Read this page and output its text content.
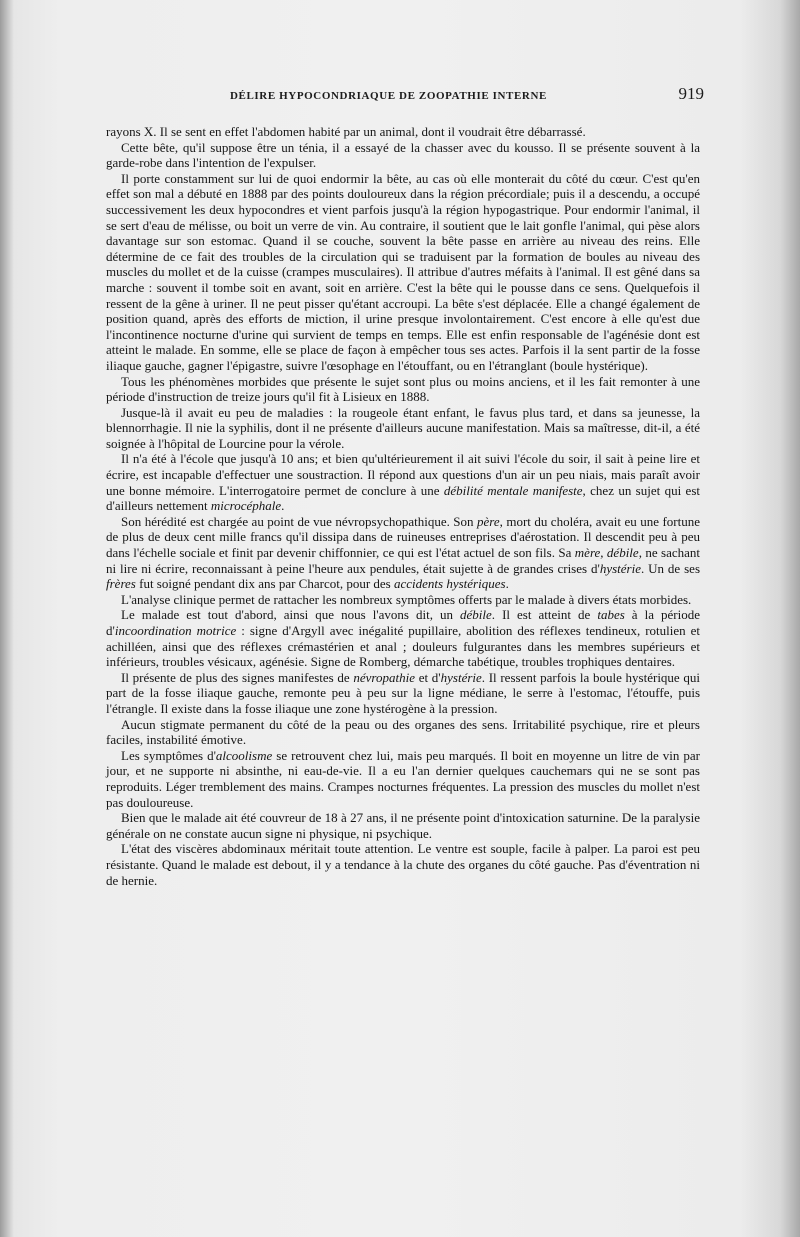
DÉLIRE HYPOCONDRIAQUE DE ZOOPATHIE INTERNE	919

rayons X. Il se sent en effet l'abdomen habité par un animal, dont il voudrait être débarrassé.

Cette bête, qu'il suppose être un ténia, il a essayé de la chasser avec du kousso. Il se présente souvent à la garde-robe dans l'intention de l'expulser.

Il porte constamment sur lui de quoi endormir la bête, au cas où elle monterait du côté du cœur. C'est qu'en effet son mal a débuté en 1888 par des points douloureux dans la région précordiale; puis il a descendu, a occupé successivement les deux hypocondres et vient parfois jusqu'à la région hypogastrique. Pour endormir l'animal, il se sert d'eau de mélisse, ou boit un verre de vin. Au contraire, il soutient que le lait gonfle l'animal, qui pèse alors davantage sur son estomac. Quand il se couche, souvent la bête passe en arrière au niveau des reins. Elle détermine de ce fait des troubles de la circulation qui se traduisent par la formation de boules au niveau des muscles du mollet et de la cuisse (crampes musculaires). Il attribue d'autres méfaits à l'animal. Il est gêné dans sa marche : souvent il tombe soit en avant, soit en arrière. C'est la bête qui le pousse dans ce sens. Quelquefois il ressent de la gêne à uriner. Il ne peut pisser qu'étant accroupi. La bête s'est déplacée. Elle a changé également de position quand, après des efforts de miction, il urine presque involontairement. C'est encore à elle qu'est due l'incontinence nocturne d'urine qui survient de temps en temps. Elle est enfin responsable de l'agénésie dont est atteint le malade. En somme, elle se place de façon à empêcher tous ses actes. Parfois il la sent partir de la fosse iliaque gauche, gagner l'épigastre, suivre l'œsophage en l'étouffant, ou en l'étranglant (boule hystérique).

Tous les phénomènes morbides que présente le sujet sont plus ou moins anciens, et il les fait remonter à une période d'instruction de treize jours qu'il fit à Lisieux en 1888.

Jusque-là il avait eu peu de maladies : la rougeole étant enfant, le favus plus tard, et dans sa jeunesse, la blennorrhagie. Il nie la syphilis, dont il ne présente d'ailleurs aucune manifestation. Mais sa maîtresse, dit-il, a été soignée à l'hôpital de Lourcine pour la vérole.

Il n'a été à l'école que jusqu'à 10 ans; et bien qu'ultérieurement il ait suivi l'école du soir, il sait à peine lire et écrire, est incapable d'effectuer une soustraction. Il répond aux questions d'un air un peu niais, mais paraît avoir une bonne mémoire. L'interrogatoire permet de conclure à une débilité mentale manifeste, chez un sujet qui est d'ailleurs nettement microcéphale.

Son hérédité est chargée au point de vue névropsychopathique. Son père, mort du choléra, avait eu une fortune de plus de deux cent mille francs qu'il dissipa dans de ruineuses entreprises d'aérostation. Il descendit peu à peu dans l'échelle sociale et finit par devenir chiffonnier, ce qui est l'état actuel de son fils. Sa mère, débile, ne sachant ni lire ni écrire, reconnaissant à peine l'heure aux pendules, était sujette à de grandes crises d'hystérie. Un de ses frères fut soigné pendant dix ans par Charcot, pour des accidents hystériques.

L'analyse clinique permet de rattacher les nombreux symptômes offerts par le malade à divers états morbides.

Le malade est tout d'abord, ainsi que nous l'avons dit, un débile. Il est atteint de tabes à la période d'incoordination motrice : signe d'Argyll avec inégalité pupillaire, abolition des réflexes tendineux, rotulien et achilléen, ainsi que des réflexes crémastérien et anal ; douleurs fulgurantes dans les membres supérieurs et inférieurs, troubles vésicaux, agénésie. Signe de Romberg, démarche tabétique, troubles trophiques dentaires.

Il présente de plus des signes manifestes de névropathie et d'hystérie. Il ressent parfois la boule hystérique qui part de la fosse iliaque gauche, remonte peu à peu sur la ligne médiane, le serre à l'estomac, l'étouffe, puis l'étrangle. Il existe dans la fosse iliaque une zone hystérogène à la pression.

Aucun stigmate permanent du côté de la peau ou des organes des sens. Irritabilité psychique, rire et pleurs faciles, instabilité émotive.

Les symptômes d'alcoolisme se retrouvent chez lui, mais peu marqués. Il boit en moyenne un litre de vin par jour, et ne supporte ni absinthe, ni eau-de-vie. Il a eu l'an dernier quelques cauchemars qui ne se sont pas reproduits. Léger tremblement des mains. Crampes nocturnes fréquentes. La pression des muscles du mollet n'est pas douloureuse.

Bien que le malade ait été couvreur de 18 à 27 ans, il ne présente point d'intoxication saturnine. De la paralysie générale on ne constate aucun signe ni physique, ni psychique.

L'état des viscères abdominaux méritait toute attention. Le ventre est souple, facile à palper. La paroi est peu résistante. Quand le malade est debout, il y a tendance à la chute des organes du côté gauche. Pas d'éventration ni de hernie.
